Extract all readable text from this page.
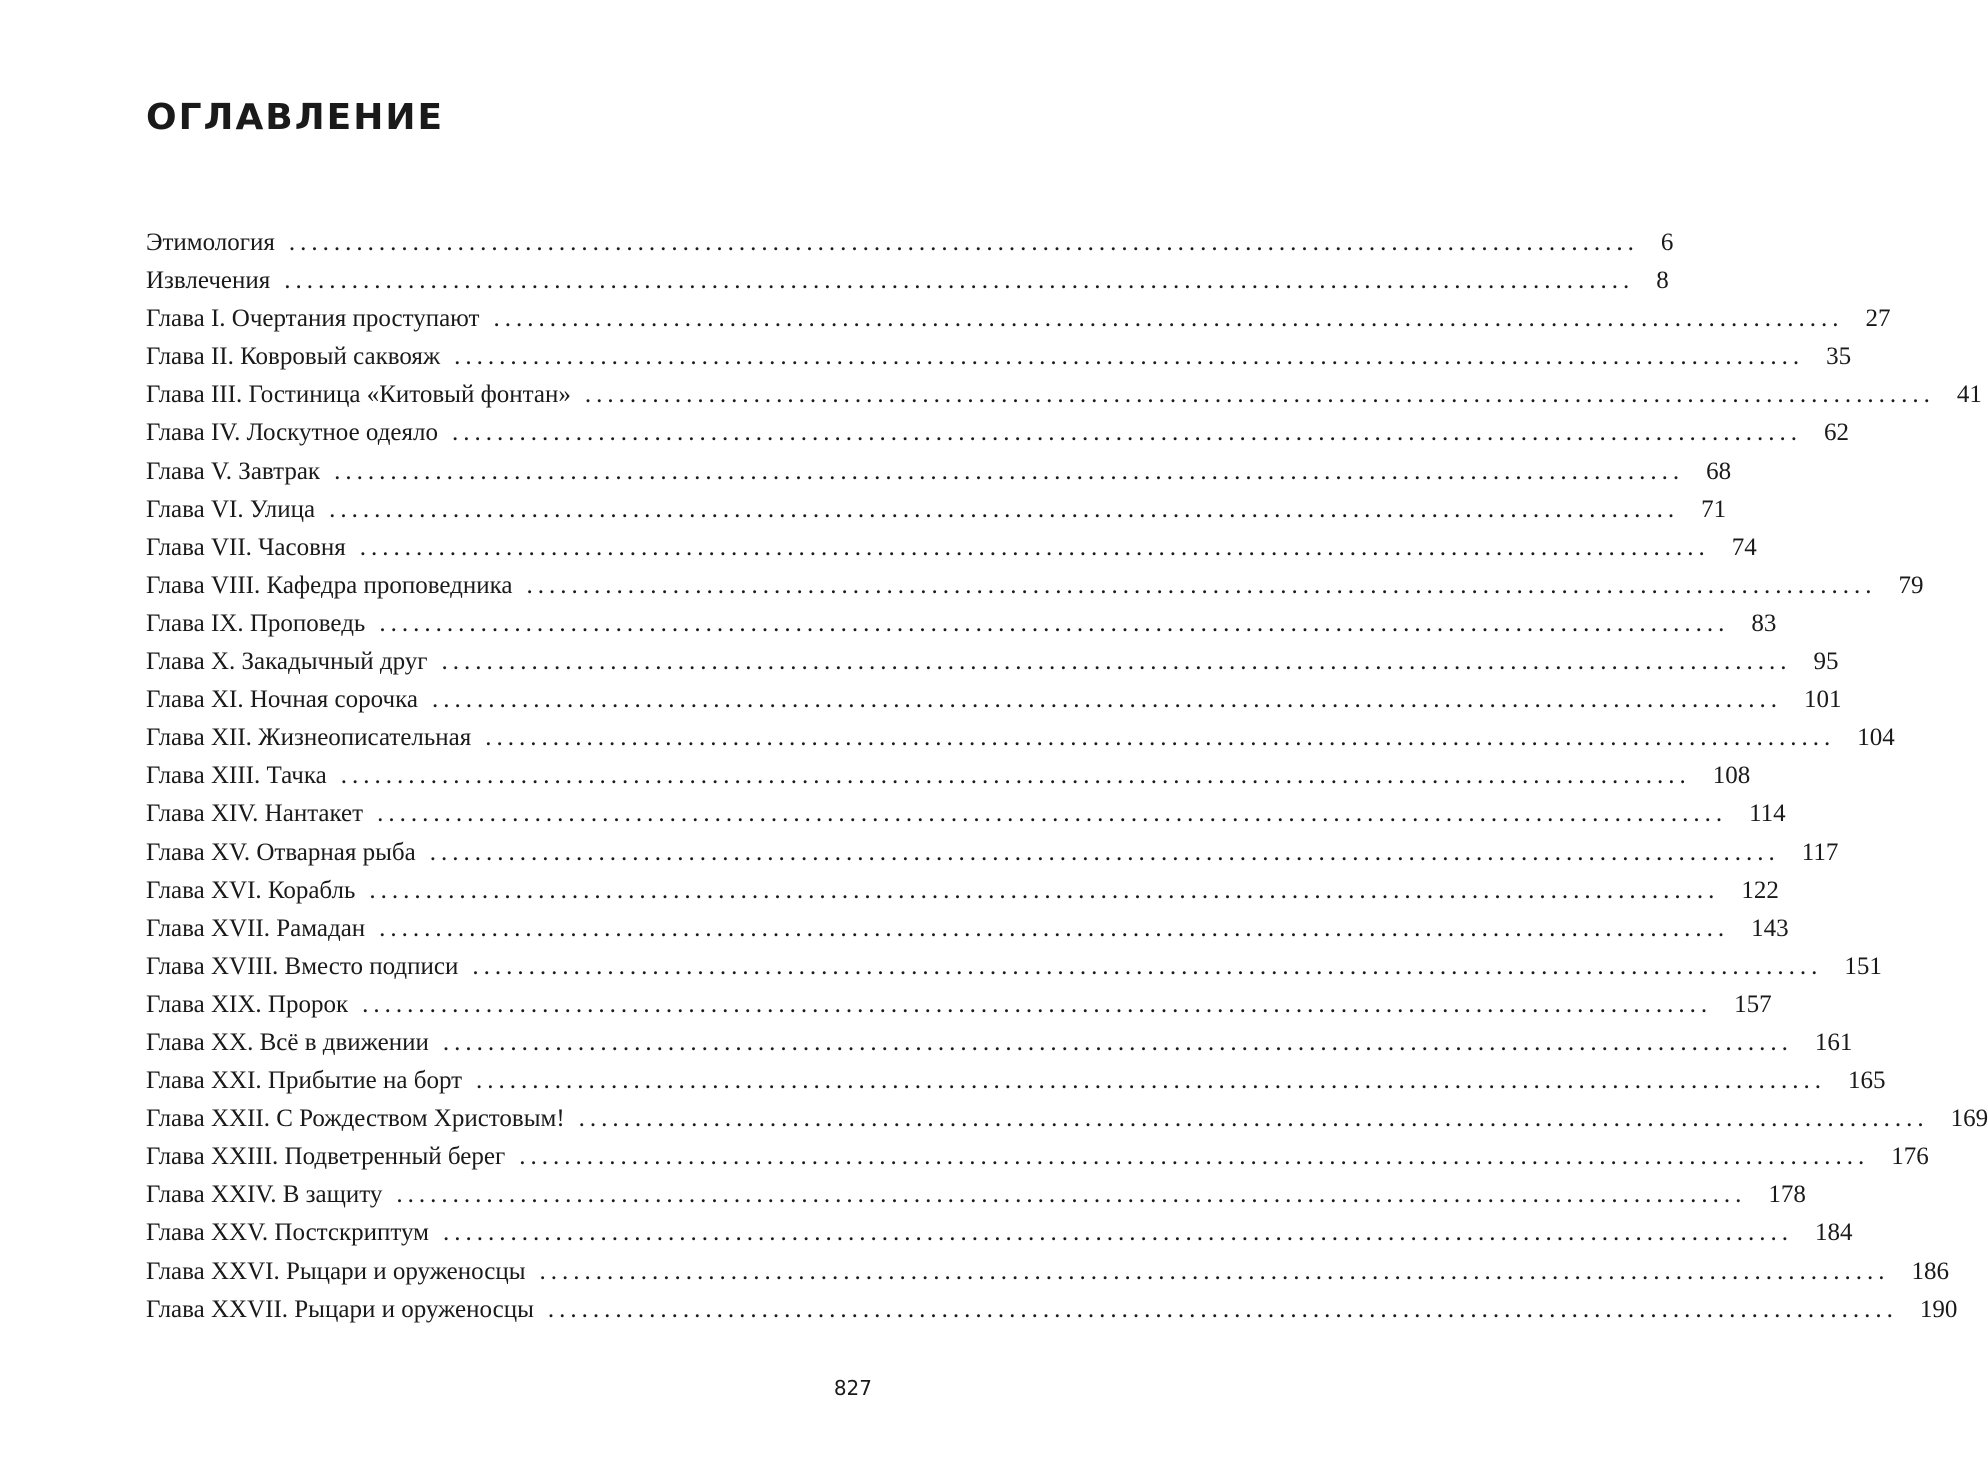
ОГЛАВЛЕНИЕ
Этимология ........................................................................................................................ 6
Извлечения ........................................................................................................................ 8
Глава I. Очертания проступают ........................................................................................................................ 27
Глава II. Ковровый саквояж ........................................................................................................................ 35
Глава III. Гостиница «Китовый фонтан» ........................................................................................................................ 41
Глава IV. Лоскутное одеяло ........................................................................................................................ 62
Глава V. Завтрак ........................................................................................................................ 68
Глава VI. Улица ........................................................................................................................ 71
Глава VII. Часовня ........................................................................................................................ 74
Глава VIII. Кафедра проповедника ........................................................................................................................ 79
Глава IX. Проповедь ........................................................................................................................ 83
Глава X. Закадычный друг ........................................................................................................................ 95
Глава XI. Ночная сорочка ........................................................................................................................ 101
Глава XII. Жизнеописательная ........................................................................................................................ 104
Глава XIII. Тачка ........................................................................................................................ 108
Глава XIV. Нантакет ........................................................................................................................ 114
Глава XV. Отварная рыба ........................................................................................................................ 117
Глава XVI. Корабль ........................................................................................................................ 122
Глава XVII. Рамадан ........................................................................................................................ 143
Глава XVIII. Вместо подписи ........................................................................................................................ 151
Глава XIX. Пророк ........................................................................................................................ 157
Глава XX. Всё в движении ........................................................................................................................ 161
Глава XXI. Прибытие на борт ........................................................................................................................ 165
Глава XXII. С Рождеством Христовым! ........................................................................................................................ 169
Глава XXIII. Подветренный берег ........................................................................................................................ 176
Глава XXIV. В защиту ........................................................................................................................ 178
Глава XXV. Постскриптум ........................................................................................................................ 184
Глава XXVI. Рыцари и оруженосцы ........................................................................................................................ 186
Глава XXVII. Рыцари и оруженосцы ........................................................................................................................ 190
827
